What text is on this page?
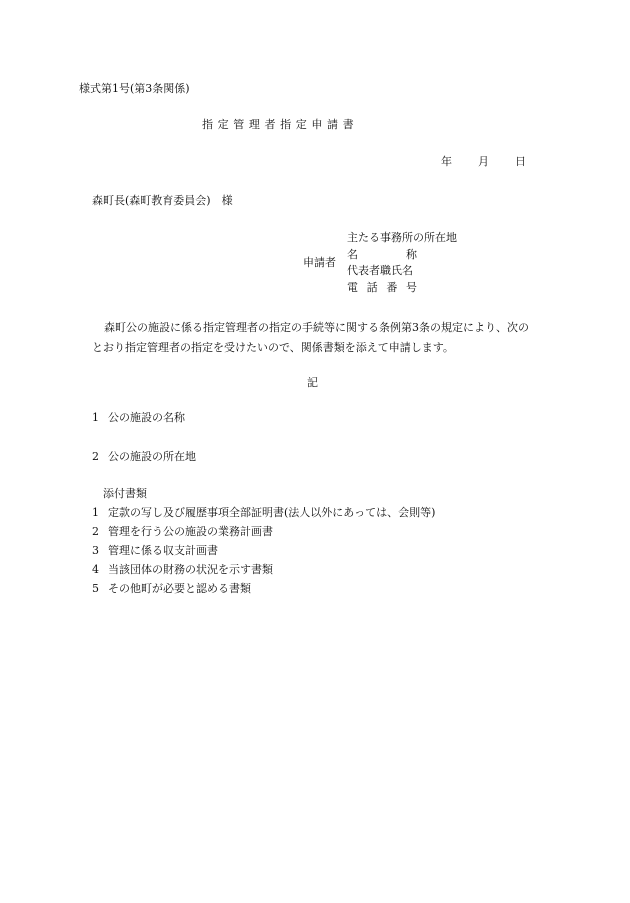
様式第1号(第3条関係)
指定管理者指定申請書
年	月	日
森町長(森町教育委員会)　様
申請者
主たる事務所の所在地
名	称
代表者職氏名
電 話 番 号

森町公の施設に係る指定管理者の指定の手続等に関する条例第3条の規定により、次の

とおり指定管理者の指定を受けたいので、関係書類を添えて申請します。

記
1 公の施設の名称
2 公の施設の所在地
添付書類
1 定款の写し及び履歴事項全部証明書(法人以外にあっては、会則等)
2 管理を行う公の施設の業務計画書
3 管理に係る収支計画書
4 当該団体の財務の状況を示す書類
5 その他町が必要と認める書類
